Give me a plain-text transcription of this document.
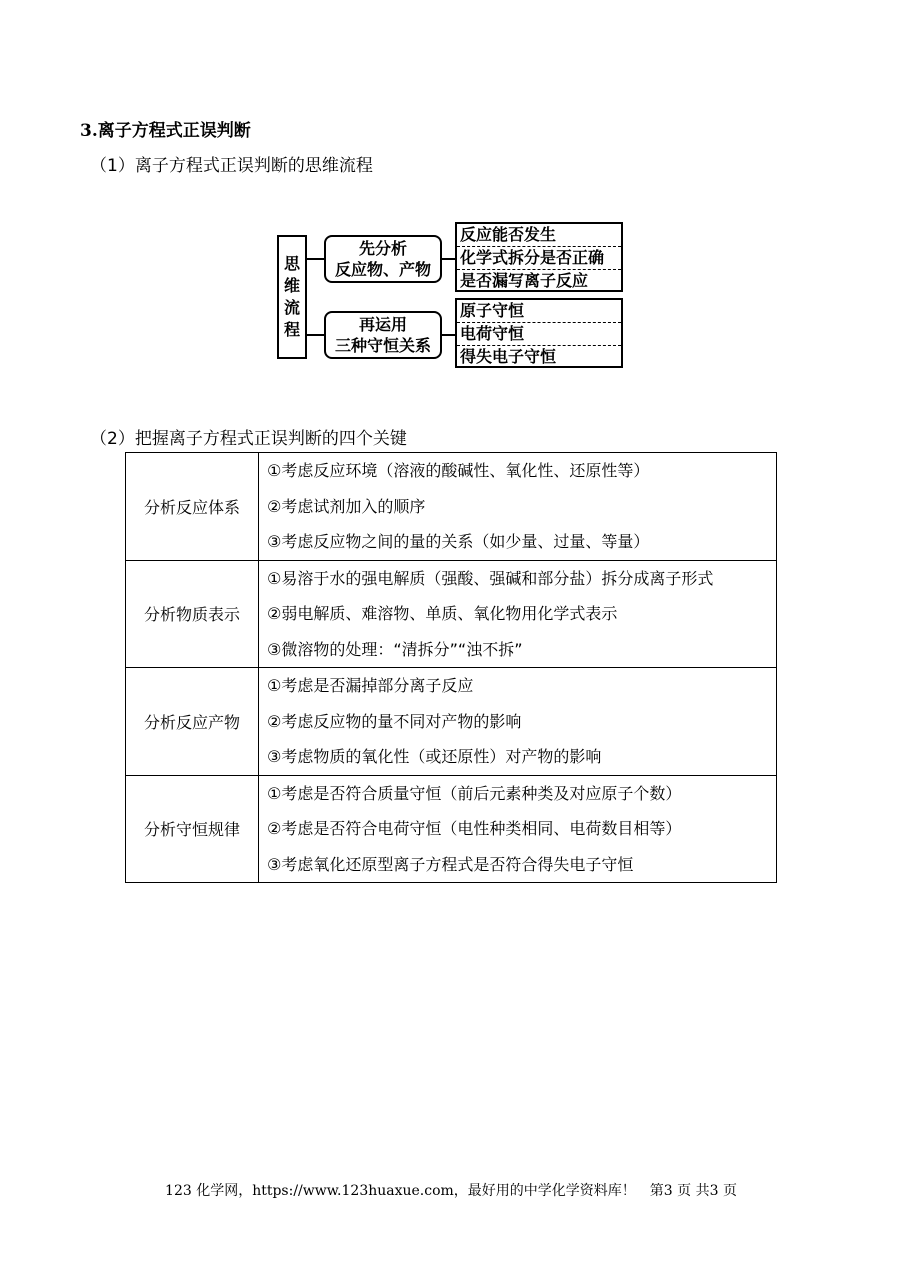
3.离子方程式正误判断
（1）离子方程式正误判断的思维流程
思
维
流
程
先分析
反应物、产物
再运用
三种守恒关系
反应能否发生
化学式拆分是否正确
是否漏写离子反应
原子守恒
电荷守恒
得失电子守恒
（2）把握离子方程式正误判断的四个关键
分析反应体系	①考虑反应环境（溶液的酸碱性、氧化性、还原性等）
②考虑试剂加入的顺序
③考虑反应物之间的量的关系（如少量、过量、等量）

分析物质表示	①易溶于水的强电解质（强酸、强碱和部分盐）拆分成离子形式
②弱电解质、难溶物、单质、氧化物用化学式表示
③微溶物的处理：“清拆分”“浊不拆”

分析反应产物	①考虑是否漏掉部分离子反应
②考虑反应物的量不同对产物的影响
③考虑物质的氧化性（或还原性）对产物的影响

分析守恒规律	①考虑是否符合质量守恒（前后元素种类及对应原子个数）
②考虑是否符合电荷守恒（电性种类相同、电荷数目相等）
③考虑氧化还原型离子方程式是否符合得失电子守恒
123 化学网，https://www.123huaxue.com，最好用的中学化学资料库！　第3 页 共3 页
